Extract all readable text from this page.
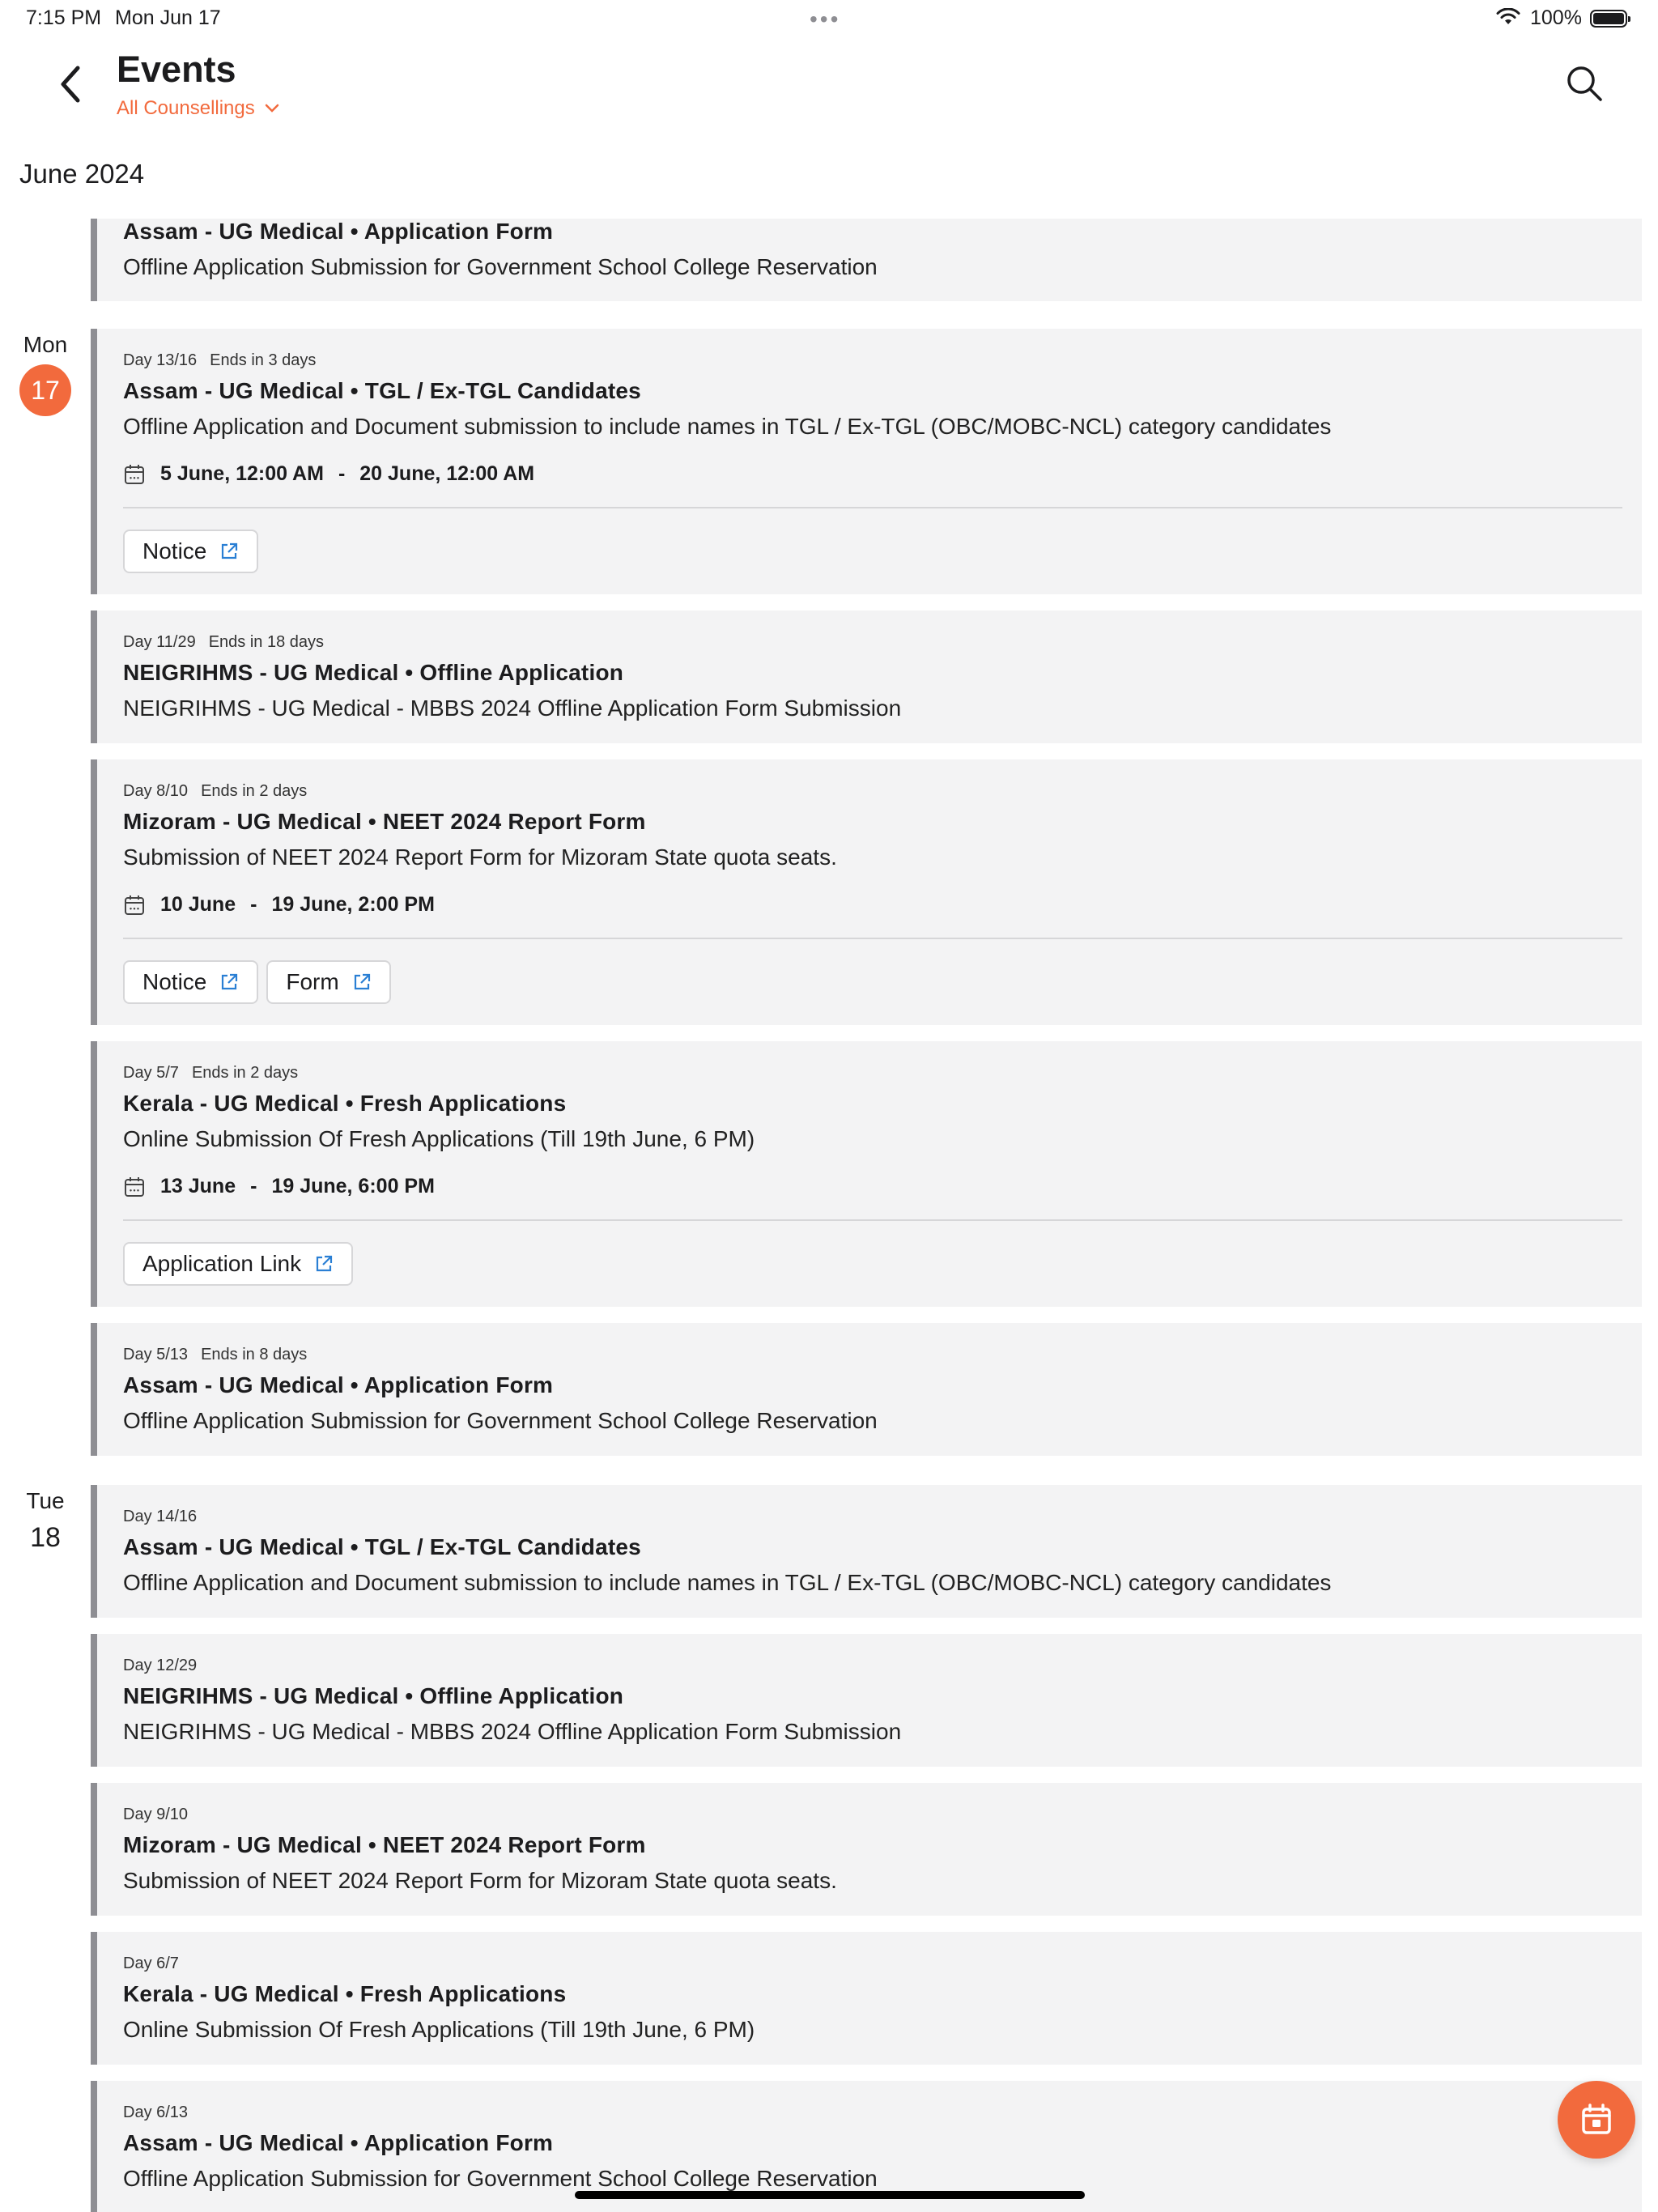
7:15 PM Mon Jun 17	•••	100%
Events
All Counsellings
June 2024
Mon
17
Tue
18
Assam - UG Medical • Application Form
Offline Application Submission for Government School College Reservation
Day 13/16 Ends in 3 days
Assam - UG Medical • TGL / Ex-TGL Candidates
Offline Application and Document submission to include names in TGL / Ex-TGL (OBC/MOBC-NCL) category candidates
••• 5 June, 12:00 AM - 20 June, 12:00 AM
Notice
Day 11/29 Ends in 18 days
NEIGRIHMS - UG Medical • Offline Application
NEIGRIHMS - UG Medical - MBBS 2024 Offline Application Form Submission
Day 8/10 Ends in 2 days
Mizoram - UG Medical • NEET 2024 Report Form
Submission of NEET 2024 Report Form for Mizoram State quota seats.
••• 10 June - 19 June, 2:00 PM
Notice	Form
Day 5/7 Ends in 2 days
Kerala - UG Medical • Fresh Applications
Online Submission Of Fresh Applications (Till 19th June, 6 PM)
••• 13 June - 19 June, 6:00 PM
Application Link
Day 5/13 Ends in 8 days
Assam - UG Medical • Application Form
Offline Application Submission for Government School College Reservation
Day 14/16
Assam - UG Medical • TGL / Ex-TGL Candidates
Offline Application and Document submission to include names in TGL / Ex-TGL (OBC/MOBC-NCL) category candidates
Day 12/29
NEIGRIHMS - UG Medical • Offline Application
NEIGRIHMS - UG Medical - MBBS 2024 Offline Application Form Submission
Day 9/10
Mizoram - UG Medical • NEET 2024 Report Form
Submission of NEET 2024 Report Form for Mizoram State quota seats.
Day 6/7
Kerala - UG Medical • Fresh Applications
Online Submission Of Fresh Applications (Till 19th June, 6 PM)
Day 6/13
Assam - UG Medical • Application Form
Offline Application Submission for Government School College Reservation
